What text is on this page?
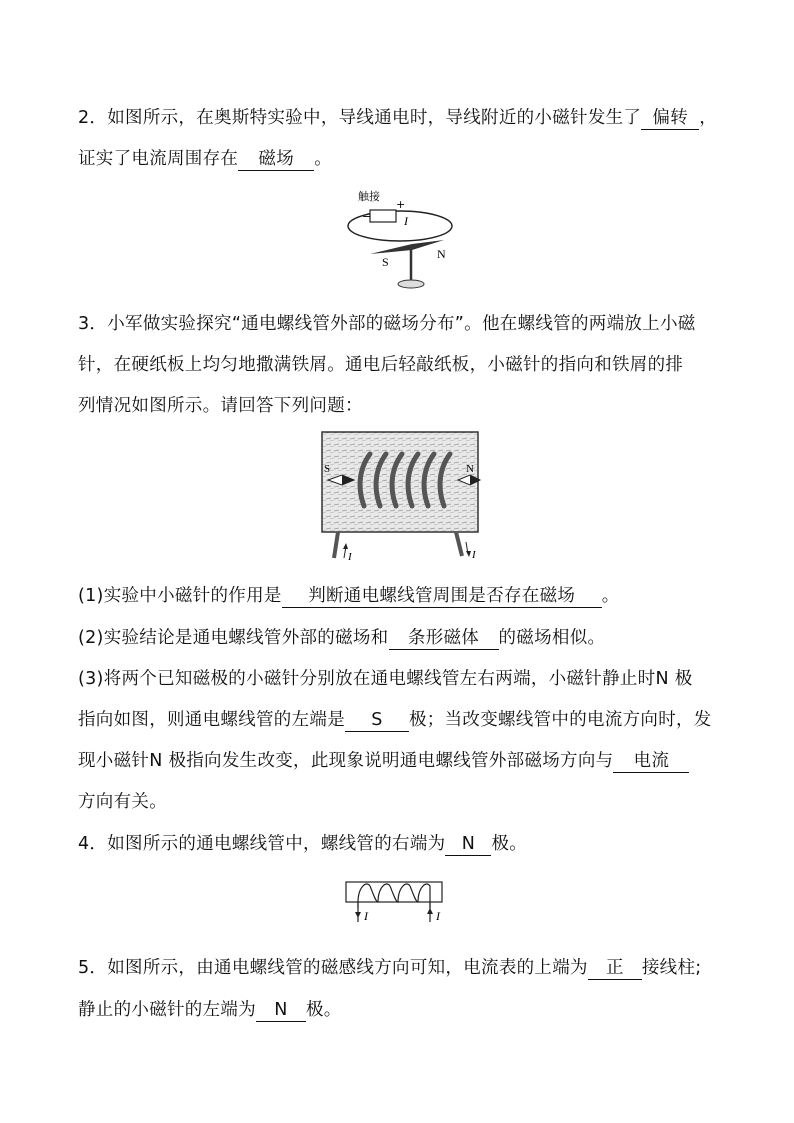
2．如图所示，在奥斯特实验中，导线通电时，导线附近的小磁针发生了 偏转 ，
证实了电流周围存在 磁场 。
触接
+
−	I
S
N
3．小军做实验探究“通电螺线管外部的磁场分布”。他在螺线管的两端放上小磁
针，在硬纸板上均匀地撒满铁屑。通电后轻敲纸板，小磁针的指向和铁屑的排
列情况如图所示。请回答下列问题：
S	N
I	I
(1)实验中小磁针的作用是 判断通电螺线管周围是否存在磁场 。
(2)实验结论是通电螺线管外部的磁场和 条形磁体 的磁场相似。
(3)将两个已知磁极的小磁针分别放在通电螺线管左右两端，小磁针静止时N 极
指向如图，则通电螺线管的左端是 S 极；当改变螺线管中的电流方向时，发
现小磁针N 极指向发生改变，此现象说明通电螺线管外部磁场方向与 电流
方向有关。
4．如图所示的通电螺线管中，螺线管的右端为 N 极。
I	I
5．如图所示，由通电螺线管的磁感线方向可知，电流表的上端为 正 接线柱;
静止的小磁针的左端为 N 极。
